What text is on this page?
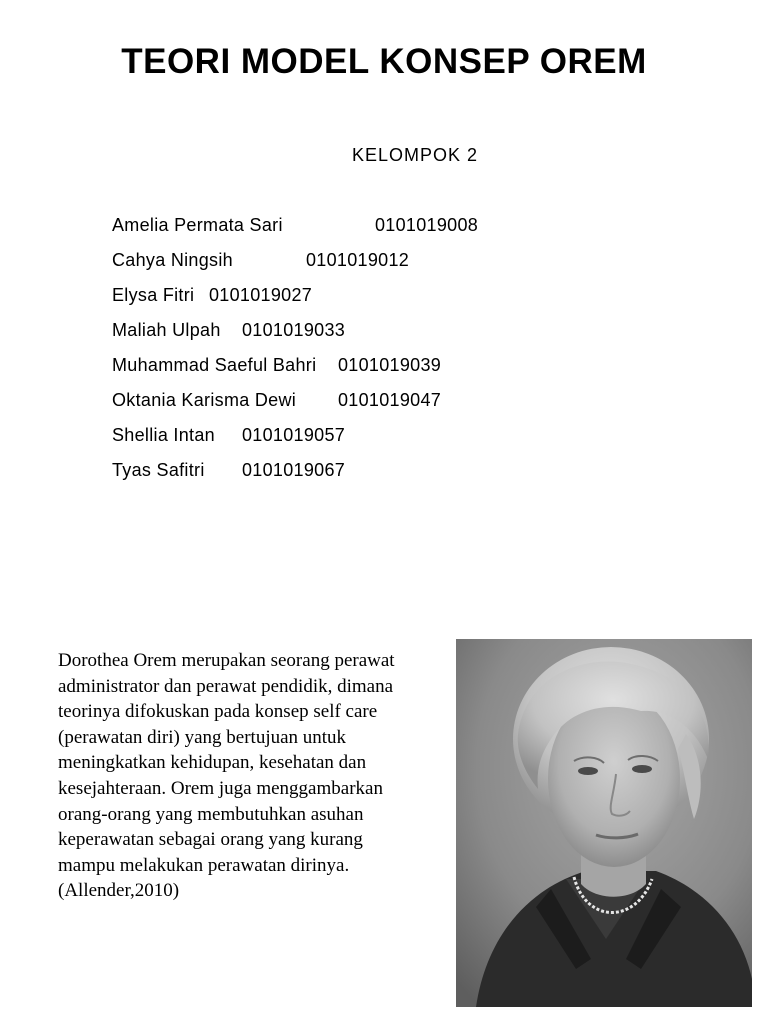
TEORI MODEL KONSEP OREM
KELOMPOK 2
Amelia Permata Sari	0101019008
Cahya Ningsih	0101019012
Elysa Fitri 0101019027
Maliah Ulpah 0101019033
Muhammad Saeful Bahri 0101019039
Oktania Karisma Dewi 0101019047
Shellia Intan 0101019057
Tyas Safitri 0101019067

Dorothea Orem merupakan seorang perawat
administrator dan perawat pendidik, dimana
teorinya difokuskan pada konsep self care
(perawatan diri) yang bertujuan untuk
meningkatkan kehidupan, kesehatan dan
kesejahteraan. Orem juga menggambarkan
orang-orang yang membutuhkan asuhan
keperawatan sebagai orang yang kurang
mampu melakukan perawatan dirinya.
(Allender,2010)
